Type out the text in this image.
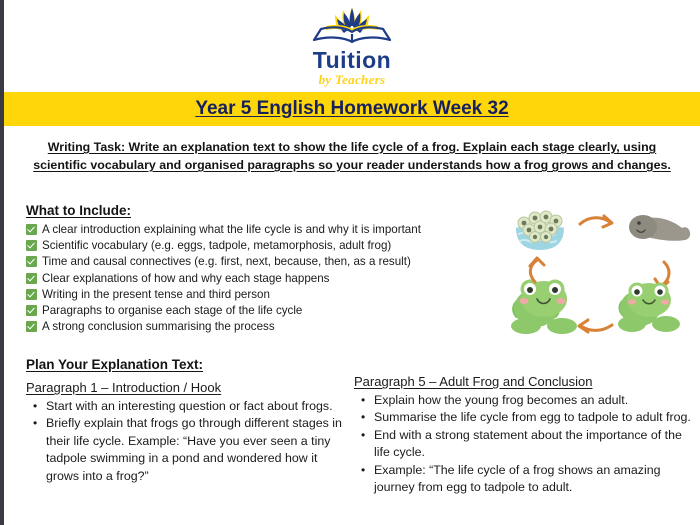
Tuition
by Teachers
Year 5 English Homework Week 32
Writing Task: Write an explanation text to show the life cycle of a frog. Explain each stage clearly, using scientific vocabulary and organised paragraphs so your reader understands how a frog grows and changes.
What to Include:
A clear introduction explaining what the life cycle is and why it is important
Scientific vocabulary (e.g. eggs, tadpole, metamorphosis, adult frog)
Time and causal connectives (e.g. first, next, because, then, as a result)
Clear explanations of how and why each stage happens
Writing in the present tense and third person
Paragraphs to organise each stage of the life cycle
A strong conclusion summarising the process
Plan Your Explanation Text:
Paragraph 1 – Introduction / Hook
• Start with an interesting question or fact about frogs.
• Briefly explain that frogs go through different stages in their life cycle. Example: “Have you ever seen a tiny tadpole swimming in a pond and wondered how it grows into a frog?”
Paragraph 5 – Adult Frog and Conclusion
• Explain how the young frog becomes an adult.
• Summarise the life cycle from egg to tadpole to adult frog.
• End with a strong statement about the importance of the life cycle.
• Example: “The life cycle of a frog shows an amazing journey from egg to tadpole to adult.
